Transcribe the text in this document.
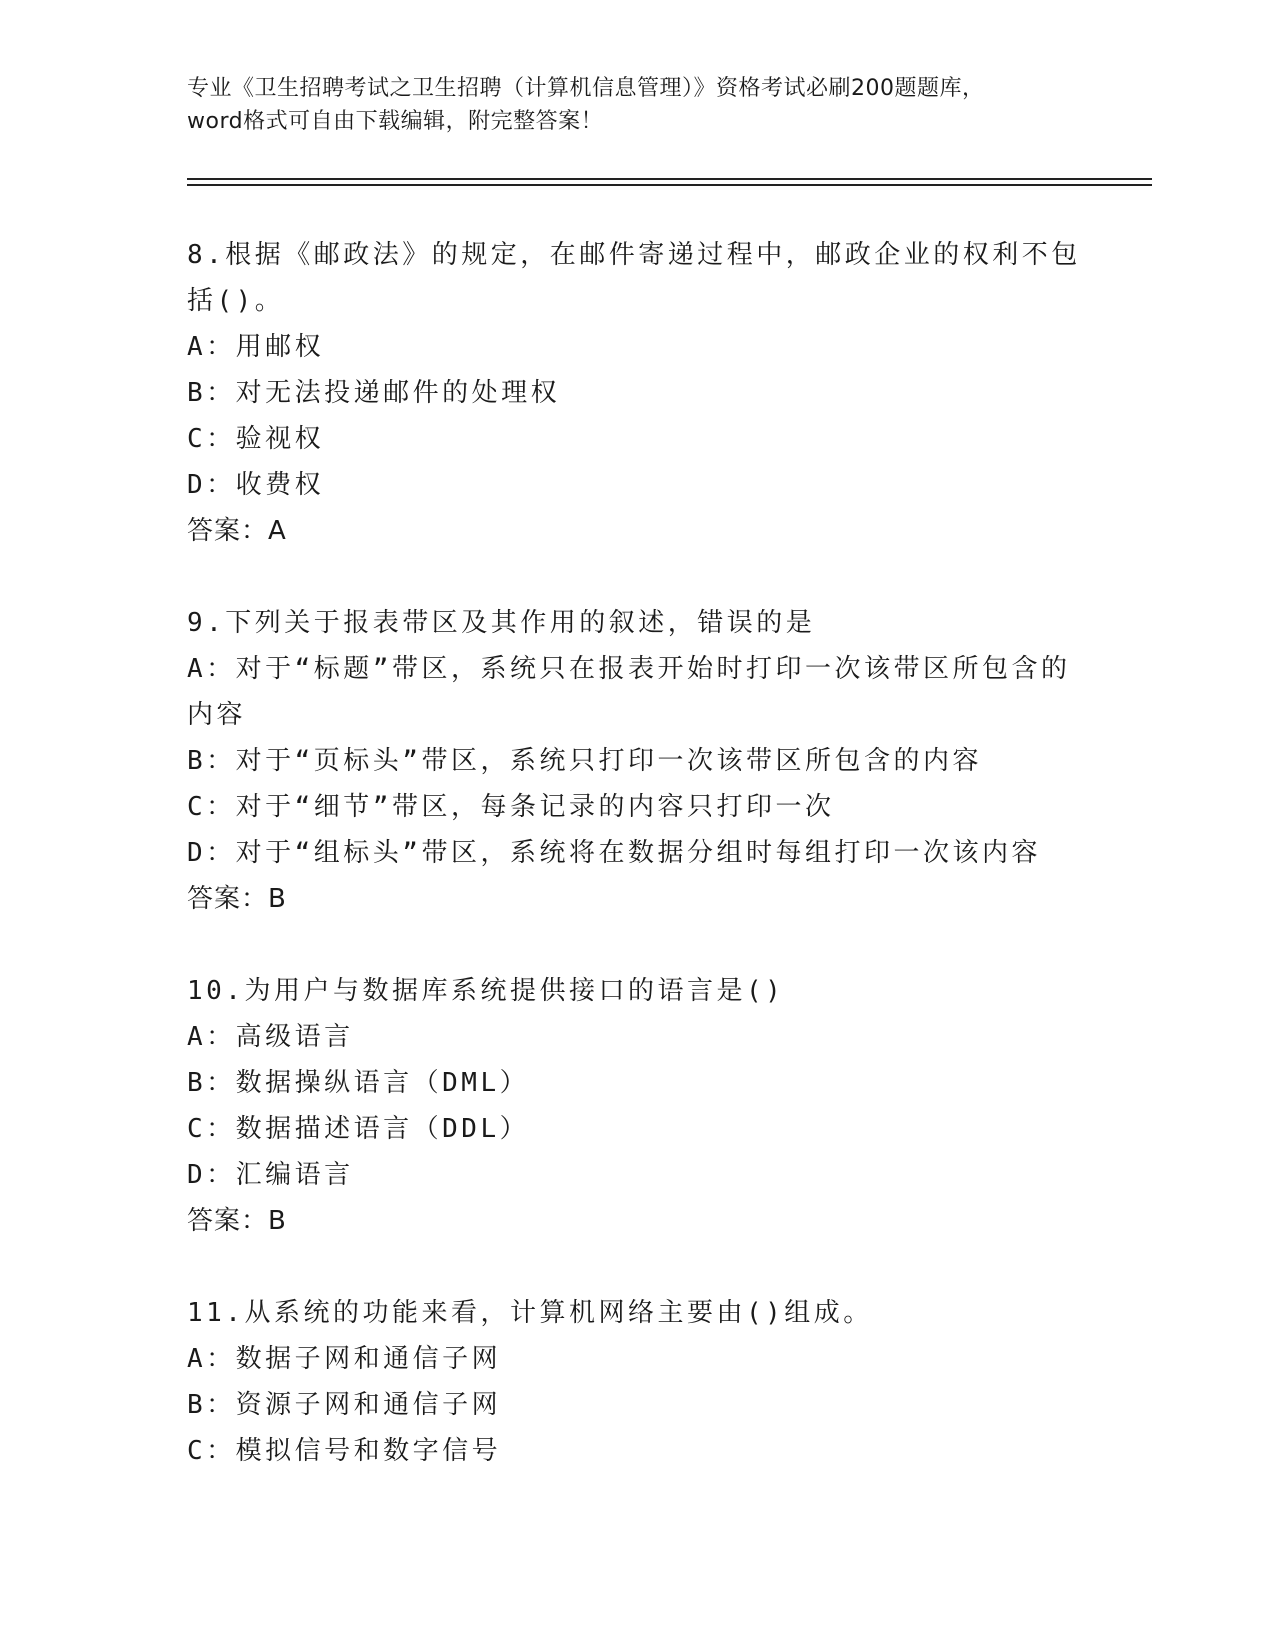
专业《卫生招聘考试之卫生招聘（计算机信息管理）》资格考试必刷200题题库，
word格式可自由下载编辑，附完整答案！
8.根据《邮政法》的规定，在邮件寄递过程中，邮政企业的权利不包
括()。
A：用邮权
B：对无法投递邮件的处理权
C：验视权
D：收费权
答案：A
9.下列关于报表带区及其作用的叙述，错误的是
A：对于“标题”带区，系统只在报表开始时打印一次该带区所包含的
内容
B：对于“页标头”带区，系统只打印一次该带区所包含的内容
C：对于“细节”带区，每条记录的内容只打印一次
D：对于“组标头”带区，系统将在数据分组时每组打印一次该内容
答案：B
10.为用户与数据库系统提供接口的语言是()
A：高级语言
B：数据操纵语言（DML）
C：数据描述语言（DDL）
D：汇编语言
答案：B
11.从系统的功能来看，计算机网络主要由()组成。
A：数据子网和通信子网
B：资源子网和通信子网
C：模拟信号和数字信号
